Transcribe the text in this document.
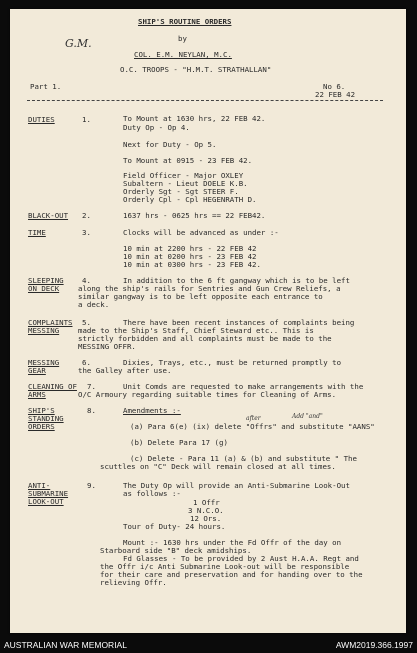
SHIP'S ROUTINE ORDERS
by
G.M.
COL. E.M. NEYLAN, M.C.
O.C. TROOPS - "H.M.T. STRATHALLAN"
Part 1.	No 6.
22 FEB 42
DUTIES	1.	To Mount at 1630 hrs, 22 FEB 42.
Duty Op - Op 4.
Next for Duty - Op 5.
To Mount at 0915 - 23 FEB 42.
Field Officer - Major OXLEY
Subaltern - Lieut DOELE K.B.
Orderly Sgt - Sgt STEER F.
Orderly Cpl - Cpl HEGENRATH D.
BLACK-OUT 2.	1637 hrs - 0625 hrs == 22 FEB42.
TIME	3.	Clocks will be advanced as under :-
10 min at 2200 hrs - 22 FEB 42
10 min at 0200 hrs - 23 FEB 42
10 min at 0300 hrs - 23 FEB 42.
SLEEPING
ON DECK
4.	In addition to the 6 ft gangway which is to be left
along the ship's rails for Sentries and Gun Crew Reliefs, a
similar gangway is to be left opposite each entrance to
a deck.
COMPLAINTS
MESSING
5.	There have been recent instances of complaints being
made to the Ship's Staff, Chief Steward etc.. This is
strictly forbidden and all complaints must be made to the
MESSING OFFR.
MESSING
GEAR
6.	Dixies, Trays, etc., must be returned promptly to
the Galley after use.
CLEANING OF
ARMS
7.	Unit Comds are requested to make arrangements with the
O/C Armoury regarding suitable times for Cleaning of Arms.
SHIP'S
STANDING
ORDERS
8.	Amendments :-
after	Add "and"
(a) Para 6(e) (ix) delete "Offrs" and substitute "AANS"
(b) Delete Para 17 (g)
(c) Delete - Para 11 (a) & (b) and substitute " The
scuttles on "C" Deck will remain closed at all times.
ANTI-
SUBMARINE
LOOK-OUT
9.	The Duty Op will provide an Anti-Submarine Look-Out
as follows :-
1 Offr
3 N.C.O.
12 Ors.
Tour of Duty- 24 hours.
Mount :- 1630 hrs under the Fd Offr of the day on
Starboard side "B" deck amidships.
Fd Glasses - To be provided by 2 Aust H.A.A. Regt and
the Offr i/c Anti Submarine Look-out will be responsible
for their care and preservation and for handing over to the
relieving Offr.
AUSTRALIAN WAR MEMORIAL	AWM2019.366.1997
